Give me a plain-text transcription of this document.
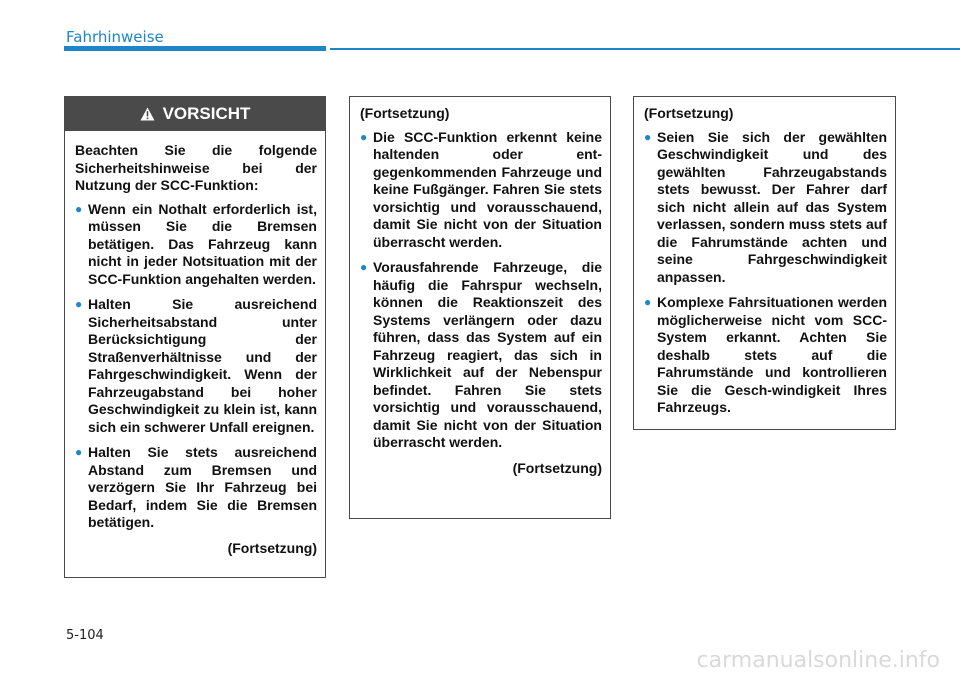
Fahrhinweise
VORSICHT

Beachten Sie die folgende Sicherheitshinweise bei der Nutzung der SCC-Funktion:

● Wenn ein Nothalt erforderlich ist, müssen Sie die Bremsen betätigen. Das Fahrzeug kann nicht in jeder Notsituation mit der SCC-Funktion angehalten werden.
● Halten Sie ausreichend Sicherheitsabstand unter Berücksichtigung der Straßenverhältnisse und der Fahrgeschwindigkeit. Wenn der Fahrzeugabstand bei hoher Geschwindigkeit zu klein ist, kann sich ein schwerer Unfall ereignen.
● Halten Sie stets ausreichend Abstand zum Bremsen und verzögern Sie Ihr Fahrzeug bei Bedarf, indem Sie die Bremsen betätigen.

(Fortsetzung)

(Fortsetzung)

● Die SCC-Funktion erkennt keine haltenden oder ent-gegenkommenden Fahrzeuge und keine Fußgänger. Fahren Sie stets vorsichtig und vorausschauend, damit Sie nicht von der Situation überrascht werden.
● Vorausfahrende Fahrzeuge, die häufig die Fahrspur wechseln, können die Reaktionszeit des Systems verlängern oder dazu führen, dass das System auf ein Fahrzeug reagiert, das sich in Wirklichkeit auf der Nebenspur befindet. Fahren Sie stets vorsichtig und vorausschauend, damit Sie nicht von der Situation überrascht werden.

(Fortsetzung)

(Fortsetzung)

● Seien Sie sich der gewählten Geschwindigkeit und des gewählten Fahrzeugabstands stets bewusst. Der Fahrer darf sich nicht allein auf das System verlassen, sondern muss stets auf die Fahrumstände achten und seine Fahrgeschwindigkeit anpassen.
● Komplexe Fahrsituationen werden möglicherweise nicht vom SCC-System erkannt. Achten Sie deshalb stets auf die Fahrumstände und kontrollieren Sie die Gesch-windigkeit Ihres Fahrzeugs.
5-104
carmanualsonline.info
